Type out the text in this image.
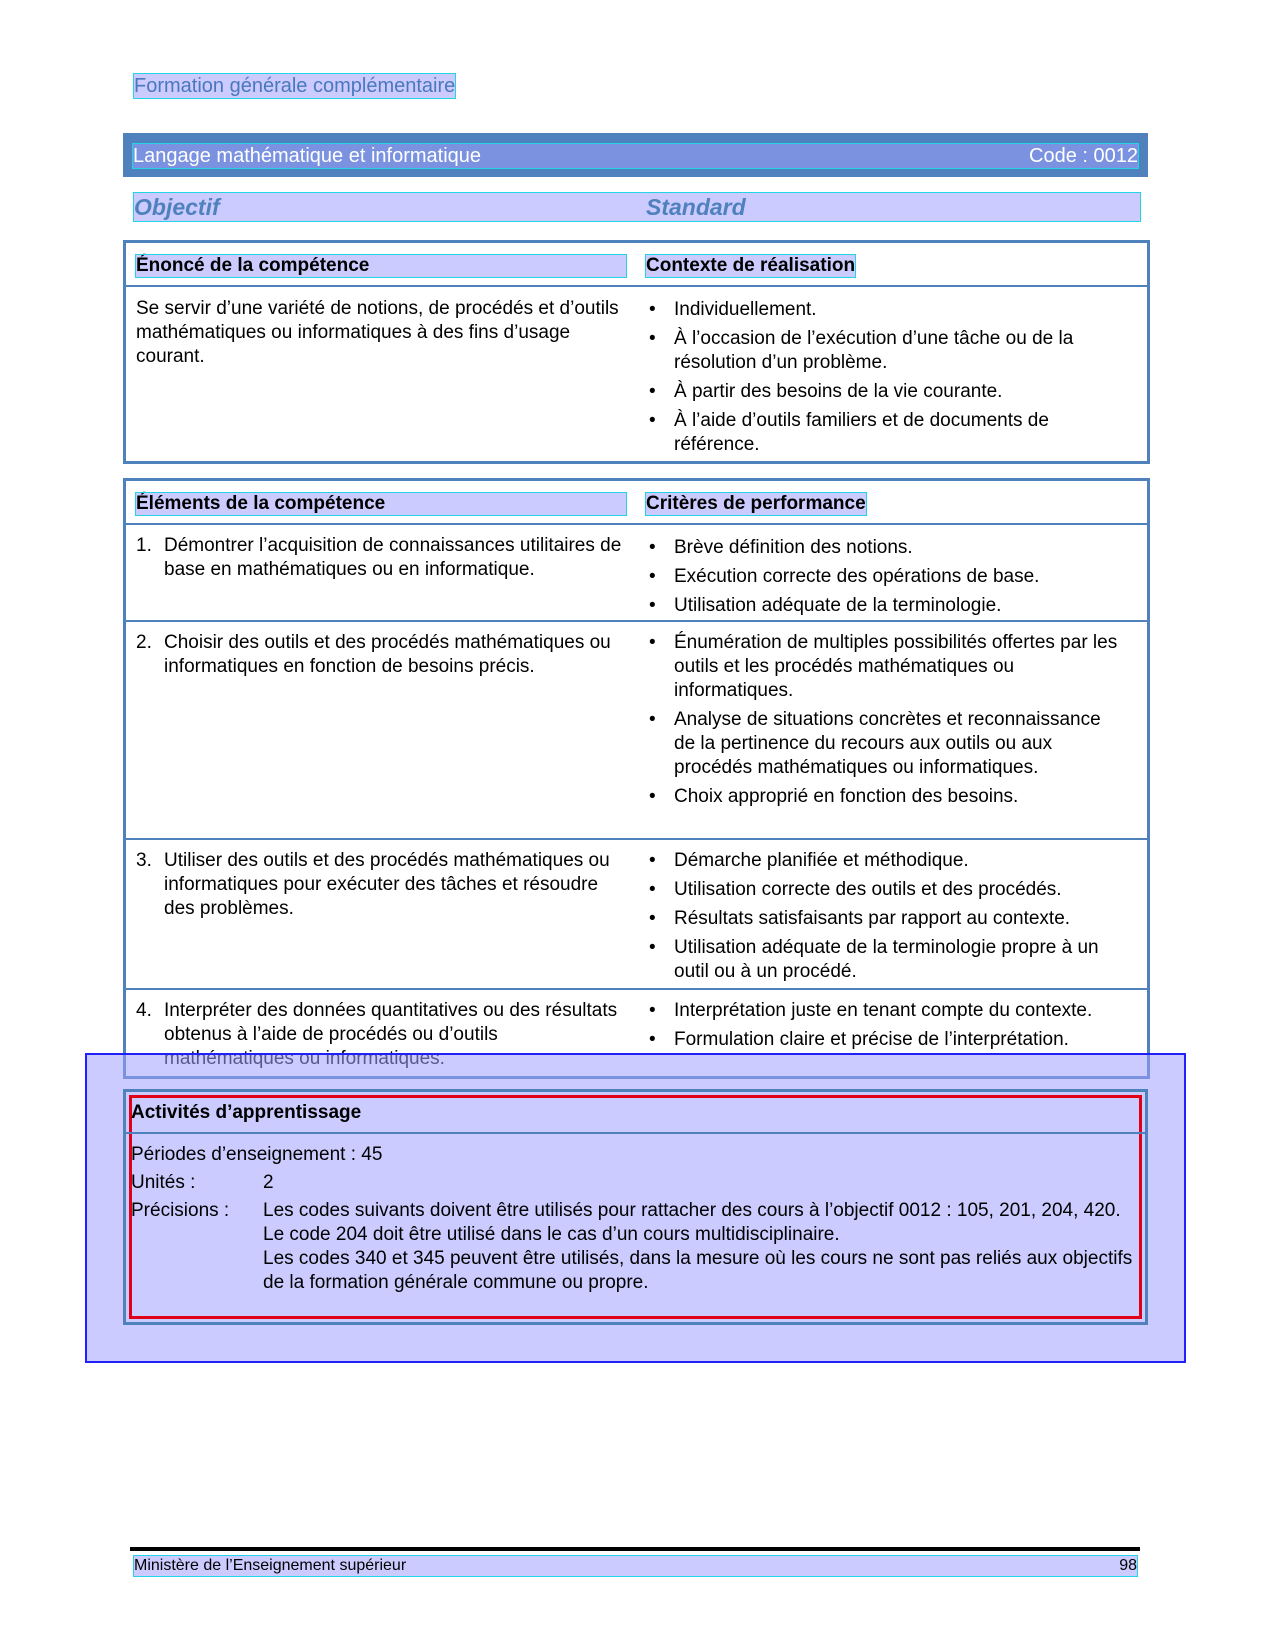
Formation générale complémentaire
Langage mathématique et informatique	Code : 0012
Objectif	Standard
Énoncé de la compétence	Contexte de réalisation
Se servir d’une variété de notions, de procédés et d’outils mathématiques ou informatiques à des fins d’usage courant.
• Individuellement.
• À l’occasion de l’exécution d’une tâche ou de la résolution d’un problème.
• À partir des besoins de la vie courante.
• À l’aide d’outils familiers et de documents de référence.
Éléments de la compétence	Critères de performance
1. Démontrer l’acquisition de connaissances utilitaires de base en mathématiques ou en informatique.
• Brève définition des notions.
• Exécution correcte des opérations de base.
• Utilisation adéquate de la terminologie.
2. Choisir des outils et des procédés mathématiques ou informatiques en fonction de besoins précis.
• Énumération de multiples possibilités offertes par les outils et les procédés mathématiques ou informatiques.
• Analyse de situations concrètes et reconnaissance de la pertinence du recours aux outils ou aux procédés mathématiques ou informatiques.
• Choix approprié en fonction des besoins.
3. Utiliser des outils et des procédés mathématiques ou informatiques pour exécuter des tâches et résoudre des problèmes.
• Démarche planifiée et méthodique.
• Utilisation correcte des outils et des procédés.
• Résultats satisfaisants par rapport au contexte.
• Utilisation adéquate de la terminologie propre à un outil ou à un procédé.
4. Interpréter des données quantitatives ou des résultats obtenus à l’aide de procédés ou d’outils
• Interprétation juste en tenant compte du contexte.
• Formulation claire et précise de l’interprétation.
Activités d’apprentissage
Périodes d’enseignement : 45
Unités :	2
Précisions : Les codes suivants doivent être utilisés pour rattacher des cours à l’objectif 0012 : 105, 201, 204, 420.
Le code 204 doit être utilisé dans le cas d’un cours multidisciplinaire.
Les codes 340 et 345 peuvent être utilisés, dans la mesure où les cours ne sont pas reliés aux objectifs de la formation générale commune ou propre.
Ministère de l’Enseignement supérieur	98
